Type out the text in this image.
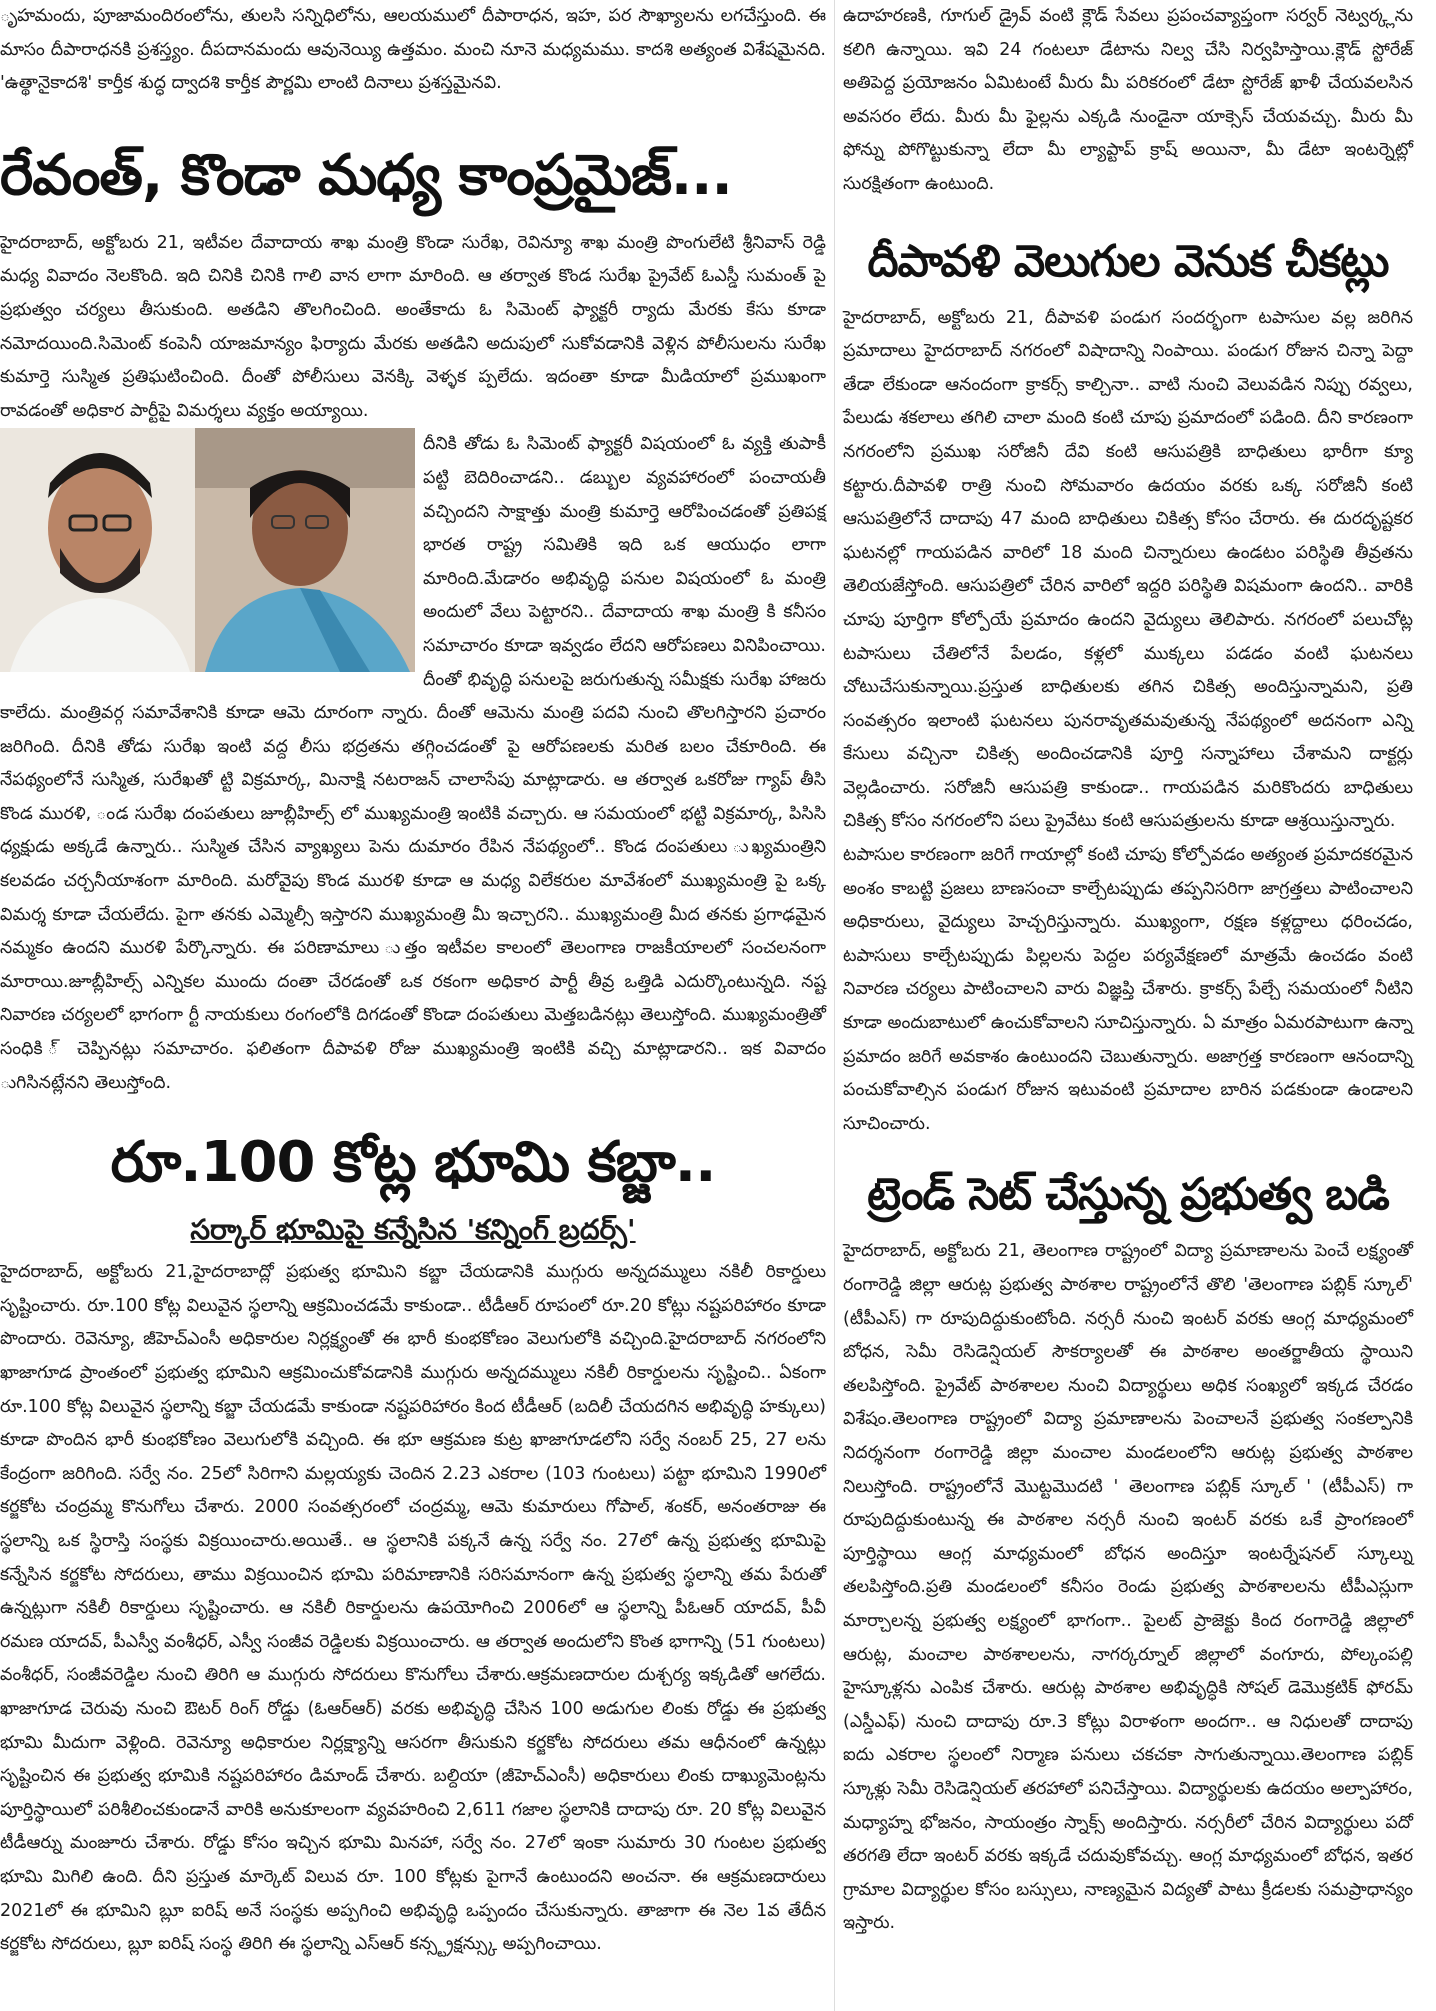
ృహమందు, పూజామందిరంలోను, తులసి సన్నిధిలోను, ఆలయములో దీపారాధన, ఇహ, పర సౌఖ్యాలను లగచేస్తుంది. ఈ మాసం దీపారాధనకి ప్రశస్త్యం. దీపదానమందు ఆవునెయ్యి ఉత్తమం. మంచి నూనె మధ్యమము. కాదశి అత్యంత విశేషమైనది. 'ఉత్థానైకాదశి' కార్తీక శుద్ధ ద్వాదశి కార్తీక పౌర్ణమి లాంటి దినాలు ప్రశస్తమైనవి.

రేవంత్, కొండా మధ్య కాంప్రమైజ్...

హైదరాబాద్, అక్టోబరు 21, ఇటీవల దేవాదాయ శాఖ మంత్రి కొండా సురేఖ, రెవిన్యూ శాఖ మంత్రి పొంగులేటి శ్రీనివాస్ రెడ్డి మధ్య వివాదం నెలకొంది. ఇది చినికి చినికి గాలి వాన లాగా మారింది. ఆ తర్వాత కొండ సురేఖ ప్రైవేట్ ఓఎస్డీ సుమంత్ పై ప్రభుత్వం చర్యలు తీసుకుంది. అతడిని తొలగించింది. అంతేకాదు ఓ సిమెంట్ ఫ్యాక్టరీ ర్యాదు మేరకు కేసు కూడా నమోదయింది.సిమెంట్ కంపెనీ యాజమాన్యం ఫిర్యాదు మేరకు అతడిని అదుపులో సుకోవడానికి వెళ్లిన పోలీసులను సురేఖ కుమార్తె సుస్మిత ప్రతిఘటించింది. దీంతో పోలీసులు వెనక్కి వెళ్ళక ప్పలేదు. ఇదంతా కూడా మీడియాలో ప్రముఖంగా రావడంతో అధికార పార్టీపై విమర్శలు వ్యక్తం అయ్యాయి.

దీనికి తోడు ఓ సిమెంట్ ఫ్యాక్టరీ విషయంలో ఓ వ్యక్తి తుపాకీ పట్టి బెదిరించాడని.. డబ్బుల వ్యవహారంలో పంచాయతీ వచ్చిందని సాక్షాత్తు మంత్రి కుమార్తె ఆరోపించడంతో ప్రతిపక్ష భారత రాష్ట్ర సమితికి ఇది ఒక ఆయుధం లాగా మారింది.మేడారం అభివృద్ధి పనుల విషయంలో ఓ మంత్రి అందులో వేలు పెట్టారని.. దేవాదాయ శాఖ మంత్రి కి కనీసం సమాచారం కూడా ఇవ్వడం లేదని ఆరోపణలు వినిపించాయి. దీంతో భివృద్ధి పనులపై జరుగుతున్న సమీక్షకు సురేఖ హాజరు కాలేదు. మంత్రివర్గ సమావేశానికి కూడా ఆమె దూరంగా న్నారు. దీంతో ఆమెను మంత్రి పదవి నుంచి తొలగిస్తారని ప్రచారం జరిగింది. దీనికి తోడు సురేఖ ఇంటి వద్ద లీసు భద్రతను తగ్గించడంతో పై ఆరోపణలకు మరిత బలం చేకూరింది. ఈ నేపథ్యంలోనే సుస్మిత, సురేఖతో ట్టి విక్రమార్క, మినాక్షి నటరాజన్ చాలాసేపు మాట్లాడారు. ఆ తర్వాత ఒకరోజు గ్యాప్ తీసి కొండ మురళి, ండ సురేఖ దంపతులు జూబ్లీహిల్స్ లో ముఖ్యమంత్రి ఇంటికి వచ్చారు. ఆ సమయంలో భట్టి విక్రమార్క, పిసిసి ధ్యక్షుడు అక్కడే ఉన్నారు.. సుస్మిత చేసిన వ్యాఖ్యలు పెను దుమారం రేపిన నేపథ్యంలో.. కొండ దంపతులు ుఖ్యమంత్రిని కలవడం చర్చనీయాశంగా మారింది. మరోవైపు కొండ మురళి కూడా ఆ మధ్య విలేకరుల మావేశంలో ముఖ్యమంత్రి పై ఒక్క విమర్శ కూడా చేయలేదు. పైగా తనకు ఎమ్మెల్సీ ఇస్తారని ముఖ్యమంత్రి మీ ఇచ్చారని.. ముఖ్యమంత్రి మీద తనకు ప్రగాఢమైన నమ్మకం ఉందని మురళి పేర్కొన్నారు. ఈ పరిణామాలు ుత్తం ఇటీవల కాలంలో తెలంగాణ రాజకీయాలలో సంచలనంగా మారాయి.జూబ్లీహిల్స్ ఎన్నికల ముందు దంతా చేరడంతో ఒక రకంగా అధికార పార్టీ తీవ్ర ఒత్తిడి ఎదుర్కొంటున్నది. నష్ట నివారణ చర్యలలో భాగంగా ర్టీ నాయకులు రంగంలోకి దిగడంతో కొండా దంపతులు మెత్తబడినట్లు తెలుస్తోంది. ముఖ్యమంత్రితో సంధికి ్ చెప్పినట్లు సమాచారం. ఫలితంగా దీపావళి రోజు ముఖ్యమంత్రి ఇంటికి వచ్చి మాట్లాడారని.. ఇక వివాదం ుగిసినట్లేనని తెలుస్తోంది.

రూ.100 కోట్ల భూమి కబ్జా..
సర్కార్ భూమిపై కన్నేసిన 'కన్నింగ్ బ్రదర్స్'

హైదరాబాద్, అక్టోబరు 21,హైదరాబాద్లో ప్రభుత్వ భూమిని కబ్జా చేయడానికి ముగ్గురు అన్నదమ్ములు నకిలీ రికార్డులు సృష్టించారు. రూ.100 కోట్ల విలువైన స్థలాన్ని ఆక్రమించడమే కాకుండా.. టీడీఆర్ రూపంలో రూ.20 కోట్లు నష్టపరిహారం కూడా పొందారు. రెవెన్యూ, జీహెచ్ఎంసీ అధికారుల నిర్లక్ష్యంతో ఈ భారీ కుంభకోణం వెలుగులోకి వచ్చింది.హైదరాబాద్ నగరంలోని ఖాజాగూడ ప్రాంతంలో ప్రభుత్వ భూమిని ఆక్రమించుకోవడానికి ముగ్గురు అన్నదమ్ములు నకిలీ రికార్డులను సృష్టించి.. ఏకంగా రూ.100 కోట్ల విలువైన స్థలాన్ని కబ్జా చేయడమే కాకుండా నష్టపరిహారం కింద టీడీఆర్ (బదిలీ చేయదగిన అభివృద్ధి హక్కులు) కూడా పొందిన భారీ కుంభకోణం వెలుగులోకి వచ్చింది. ఈ భూ ఆక్రమణ కుట్ర ఖాజాగూడలోని సర్వే నంబర్ 25, 27 లను కేంద్రంగా జరిగింది. సర్వే నం. 25లో సిరిగాని మల్లయ్యకు చెందిన 2.23 ఎకరాల (103 గుంటలు) పట్టా భూమిని 1990లో కర్జకోట చంద్రమ్మ కొనుగోలు చేశారు. 2000 సంవత్సరంలో చంద్రమ్మ, ఆమె కుమారులు గోపాల్, శంకర్, అనంతరాజు ఈ స్థలాన్ని ఒక స్థిరాస్తి సంస్థకు విక్రయించారు.అయితే.. ఆ స్థలానికి పక్కనే ఉన్న సర్వే నం. 27లో ఉన్న ప్రభుత్వ భూమిపై కన్నేసిన కర్జకోట సోదరులు, తాము విక్రయించిన భూమి పరిమాణానికి సరిసమానంగా ఉన్న ప్రభుత్వ స్థలాన్ని తమ పేరుతో ఉన్నట్లుగా నకిలీ రికార్డులు సృష్టించారు. ఆ నకిలీ రికార్డులను ఉపయోగించి 2006లో ఆ స్థలాన్ని పీఓఆర్ యాదవ్, పీవీ రమణ యాదవ్, పీఎస్వీ వంశీధర్, ఎస్వీ సంజీవ రెడ్డిలకు విక్రయించారు. ఆ తర్వాత అందులోని కొంత భాగాన్ని (51 గుంటలు) వంశీధర్, సంజీవరెడ్డిల నుంచి తిరిగి ఆ ముగ్గురు సోదరులు కొనుగోలు చేశారు.ఆక్రమణదారుల దుశ్చర్య ఇక్కడితో ఆగలేదు. ఖాజాగూడ చెరువు నుంచి ఔటర్ రింగ్ రోడ్డు (ఓఆర్ఆర్) వరకు అభివృద్ధి చేసిన 100 అడుగుల లింకు రోడ్డు ఈ ప్రభుత్వ భూమి మీదుగా వెళ్లింది. రెవెన్యూ అధికారుల నిర్లక్ష్యాన్ని ఆసరగా తీసుకుని కర్జకోట సోదరులు తమ ఆధీనంలో ఉన్నట్లు సృష్టించిన ఈ ప్రభుత్వ భూమికి నష్టపరిహారం డిమాండ్ చేశారు. బల్దియా (జీహెచ్ఎంసీ) అధికారులు లింకు దాఖ్యుమెంట్లను పూర్తిస్థాయిలో పరిశీలించకుండానే వారికి అనుకూలంగా వ్యవహరించి 2,611 గజాల స్థలానికి దాదాపు రూ. 20 కోట్ల విలువైన టీడీఆర్ను మంజూరు చేశారు. రోడ్డు కోసం ఇచ్చిన భూమి మినహా, సర్వే నం. 27లో ఇంకా సుమారు 30 గుంటల ప్రభుత్వ భూమి మిగిలి ఉంది. దీని ప్రస్తుత మార్కెట్ విలువ రూ. 100 కోట్లకు పైగానే ఉంటుందని అంచనా. ఈ ఆక్రమణదారులు 2021లో ఈ భూమిని బ్లూ ఐరిష్ అనే సంస్థకు అప్పగించి అభివృద్ధి ఒప్పందం చేసుకున్నారు. తాజాగా ఈ నెల 1వ తేదీన కర్జకోట సోదరులు, బ్లూ ఐరిష్ సంస్థ తిరిగి ఈ స్థలాన్ని ఎస్ఆర్ కన్స్ట్రక్షన్స్కు అప్పగించాయి.

ఉదాహరణకి, గూగుల్ డ్రైవ్ వంటి క్లౌడ్ సేవలు ప్రపంచవ్యాప్తంగా సర్వర్ నెట్వర్క్లను కలిగి ఉన్నాయి. ఇవి 24 గంటలూ డేటాను నిల్వ చేసి నిర్వహిస్తాయి.క్లౌడ్ స్టోరేజ్ అతిపెద్ద ప్రయోజనం ఏమిటంటే మీరు మీ పరికరంలో డేటా స్టోరేజ్ ఖాళీ చేయవలసిన అవసరం లేదు. మీరు మీ ఫైల్లను ఎక్కడి నుండైనా యాక్సెస్ చేయవచ్చు. మీరు మీ ఫోన్ను పోగొట్టుకున్నా లేదా మీ ల్యాప్టాప్ క్రాష్ అయినా, మీ డేటా ఇంటర్నెట్లో సురక్షితంగా ఉంటుంది.

దీపావళి వెలుగుల వెనుక చీకట్లు

హైదరాబాద్, అక్టోబరు 21, దీపావళి పండుగ సందర్భంగా టపాసుల వల్ల జరిగిన ప్రమాదాలు హైదరాబాద్ నగరంలో విషాదాన్ని నింపాయి. పండుగ రోజున చిన్నా పెద్దా తేడా లేకుండా ఆనందంగా క్రాకర్స్ కాల్చినా.. వాటి నుంచి వెలువడిన నిప్పు రవ్వలు, పేలుడు శకలాలు తగిలి చాలా మంది కంటి చూపు ప్రమాదంలో పడింది. దీని కారణంగా నగరంలోని ప్రముఖ సరోజినీ దేవి కంటి ఆసుపత్రికి బాధితులు భారీగా క్యూ కట్టారు.దీపావళి రాత్రి నుంచి సోమవారం ఉదయం వరకు ఒక్క సరోజినీ కంటి ఆసుపత్రిలోనే దాదాపు 47 మంది బాధితులు చికిత్స కోసం చేరారు. ఈ దురదృష్టకర ఘటనల్లో గాయపడిన వారిలో 18 మంది చిన్నారులు ఉండటం పరిస్థితి తీవ్రతను తెలియజేస్తోంది. ఆసుపత్రిలో చేరిన వారిలో ఇద్దరి పరిస్థితి విషమంగా ఉందని.. వారికి చూపు పూర్తిగా కోల్పోయే ప్రమాదం ఉందని వైద్యులు తెలిపారు. నగరంలో పలుచోట్ల టపాసులు చేతిలోనే పేలడం, కళ్లలో ముక్కలు పడడం వంటి ఘటనలు చోటుచేసుకున్నాయి.ప్రస్తుత బాధితులకు తగిన చికిత్స అందిస్తున్నామని, ప్రతి సంవత్సరం ఇలాంటి ఘటనలు పునరావృతమవుతున్న నేపథ్యంలో అదనంగా ఎన్ని కేసులు వచ్చినా చికిత్స అందించడానికి పూర్తి సన్నాహాలు చేశామని దాక్టర్లు వెల్లడించారు. సరోజినీ ఆసుపత్రి కాకుండా.. గాయపడిన మరికొందరు బాధితులు చికిత్స కోసం నగరంలోని పలు ప్రైవేటు కంటి ఆసుపత్రులను కూడా ఆశ్రయిస్తున్నారు.

టపాసుల కారణంగా జరిగే గాయాల్లో కంటి చూపు కోల్పోవడం అత్యంత ప్రమాదకరమైన అంశం కాబట్టి ప్రజలు బాణసంచా కాల్చేటప్పుడు తప్పనిసరిగా జాగ్రత్తలు పాటించాలని అధికారులు, వైద్యులు హెచ్చరిస్తున్నారు. ముఖ్యంగా, రక్షణ కళ్లద్దాలు ధరించడం, టపాసులు కాల్చేటప్పుడు పిల్లలను పెద్దల పర్యవేక్షణలో మాత్రమే ఉంచడం వంటి నివారణ చర్యలు పాటించాలని వారు విజ్ఞప్తి చేశారు. క్రాకర్స్ పేల్చే సమయంలో నీటిని కూడా అందుబాటులో ఉంచుకోవాలని సూచిస్తున్నారు. ఏ మాత్రం ఏమరపాటుగా ఉన్నా ప్రమాదం జరిగే అవకాశం ఉంటుందని చెబుతున్నారు. అజాగ్రత్త కారణంగా ఆనందాన్ని పంచుకోవాల్సిన పండుగ రోజున ఇటువంటి ప్రమాదాల బారిన పడకుండా ఉండాలని సూచించారు.

ట్రెండ్ సెట్ చేస్తున్న ప్రభుత్వ బడి

హైదరాబాద్, అక్టోబరు 21, తెలంగాణ రాష్ట్రంలో విద్యా ప్రమాణాలను పెంచే లక్ష్యంతో రంగారెడ్డి జిల్లా ఆరుట్ల ప్రభుత్వ పాఠశాల రాష్ట్రంలోనే తొలి 'తెలంగాణ పబ్లిక్ స్కూల్' (టీపీఎస్) గా రూపుదిద్దుకుంటోంది. నర్సరీ నుంచి ఇంటర్ వరకు ఆంగ్ల మాధ్యమంలో బోధన, సెమీ రెసిడెన్షియల్ సౌకర్యాలతో ఈ పాఠశాల అంతర్జాతీయ స్థాయిని తలపిస్తోంది. ప్రైవేట్ పాఠశాలల నుంచి విద్యార్థులు అధిక సంఖ్యలో ఇక్కడ చేరడం విశేషం.తెలంగాణ రాష్ట్రంలో విద్యా ప్రమాణాలను పెంచాలనే ప్రభుత్వ సంకల్పానికి నిదర్శనంగా రంగారెడ్డి జిల్లా మంచాల మండలంలోని ఆరుట్ల ప్రభుత్వ పాఠశాల నిలుస్తోంది. రాష్ట్రంలోనే మొట్టమొదటి ' తెలంగాణ పబ్లిక్ స్కూల్ ' (టీపీఎస్) గా రూపుదిద్దుకుంటున్న ఈ పాఠశాల నర్సరీ నుంచి ఇంటర్ వరకు ఒకే ప్రాంగణంలో పూర్తిస్థాయి ఆంగ్ల మాధ్యమంలో బోధన అందిస్తూ ఇంటర్నేషనల్ స్కూల్ను తలపిస్తోంది.ప్రతి మండలంలో కనీసం రెండు ప్రభుత్వ పాఠశాలలను టీపీఎస్లుగా మార్చాలన్న ప్రభుత్వ లక్ష్యంలో భాగంగా.. పైలట్ ప్రాజెక్టు కింద రంగారెడ్డి జిల్లాలో ఆరుట్ల, మంచాల పాఠశాలలను, నాగర్కర్నూల్ జిల్లాలో వంగూరు, పోల్కంపల్లి హైస్కూళ్లను ఎంపిక చేశారు. ఆరుట్ల పాఠశాల అభివృద్ధికి సోషల్ డెమొక్రటిక్ ఫోరమ్ (ఎస్డీఎఫ్) నుంచి దాదాపు రూ.3 కోట్లు విరాళంగా అందగా.. ఆ నిధులతో దాదాపు ఐదు ఎకరాల స్థలంలో నిర్మాణ పనులు చకచకా సాగుతున్నాయి.తెలంగాణ పబ్లిక్ స్కూళ్లు సెమీ రెసిడెన్షియల్ తరహాలో పనిచేస్తాయి. విద్యార్థులకు ఉదయం అల్పాహారం, మధ్యాహ్న భోజనం, సాయంత్రం స్నాక్స్ అందిస్తారు. నర్సరీలో చేరిన విద్యార్థులు పదో తరగతి లేదా ఇంటర్ వరకు ఇక్కడే చదువుకోవచ్చు. ఆంగ్ల మాధ్యమంలో బోధన, ఇతర గ్రామాల విద్యార్థుల కోసం బస్సులు, నాణ్యమైన విద్యతో పాటు క్రీడలకు సమప్రాధాన్యం ఇస్తారు.
